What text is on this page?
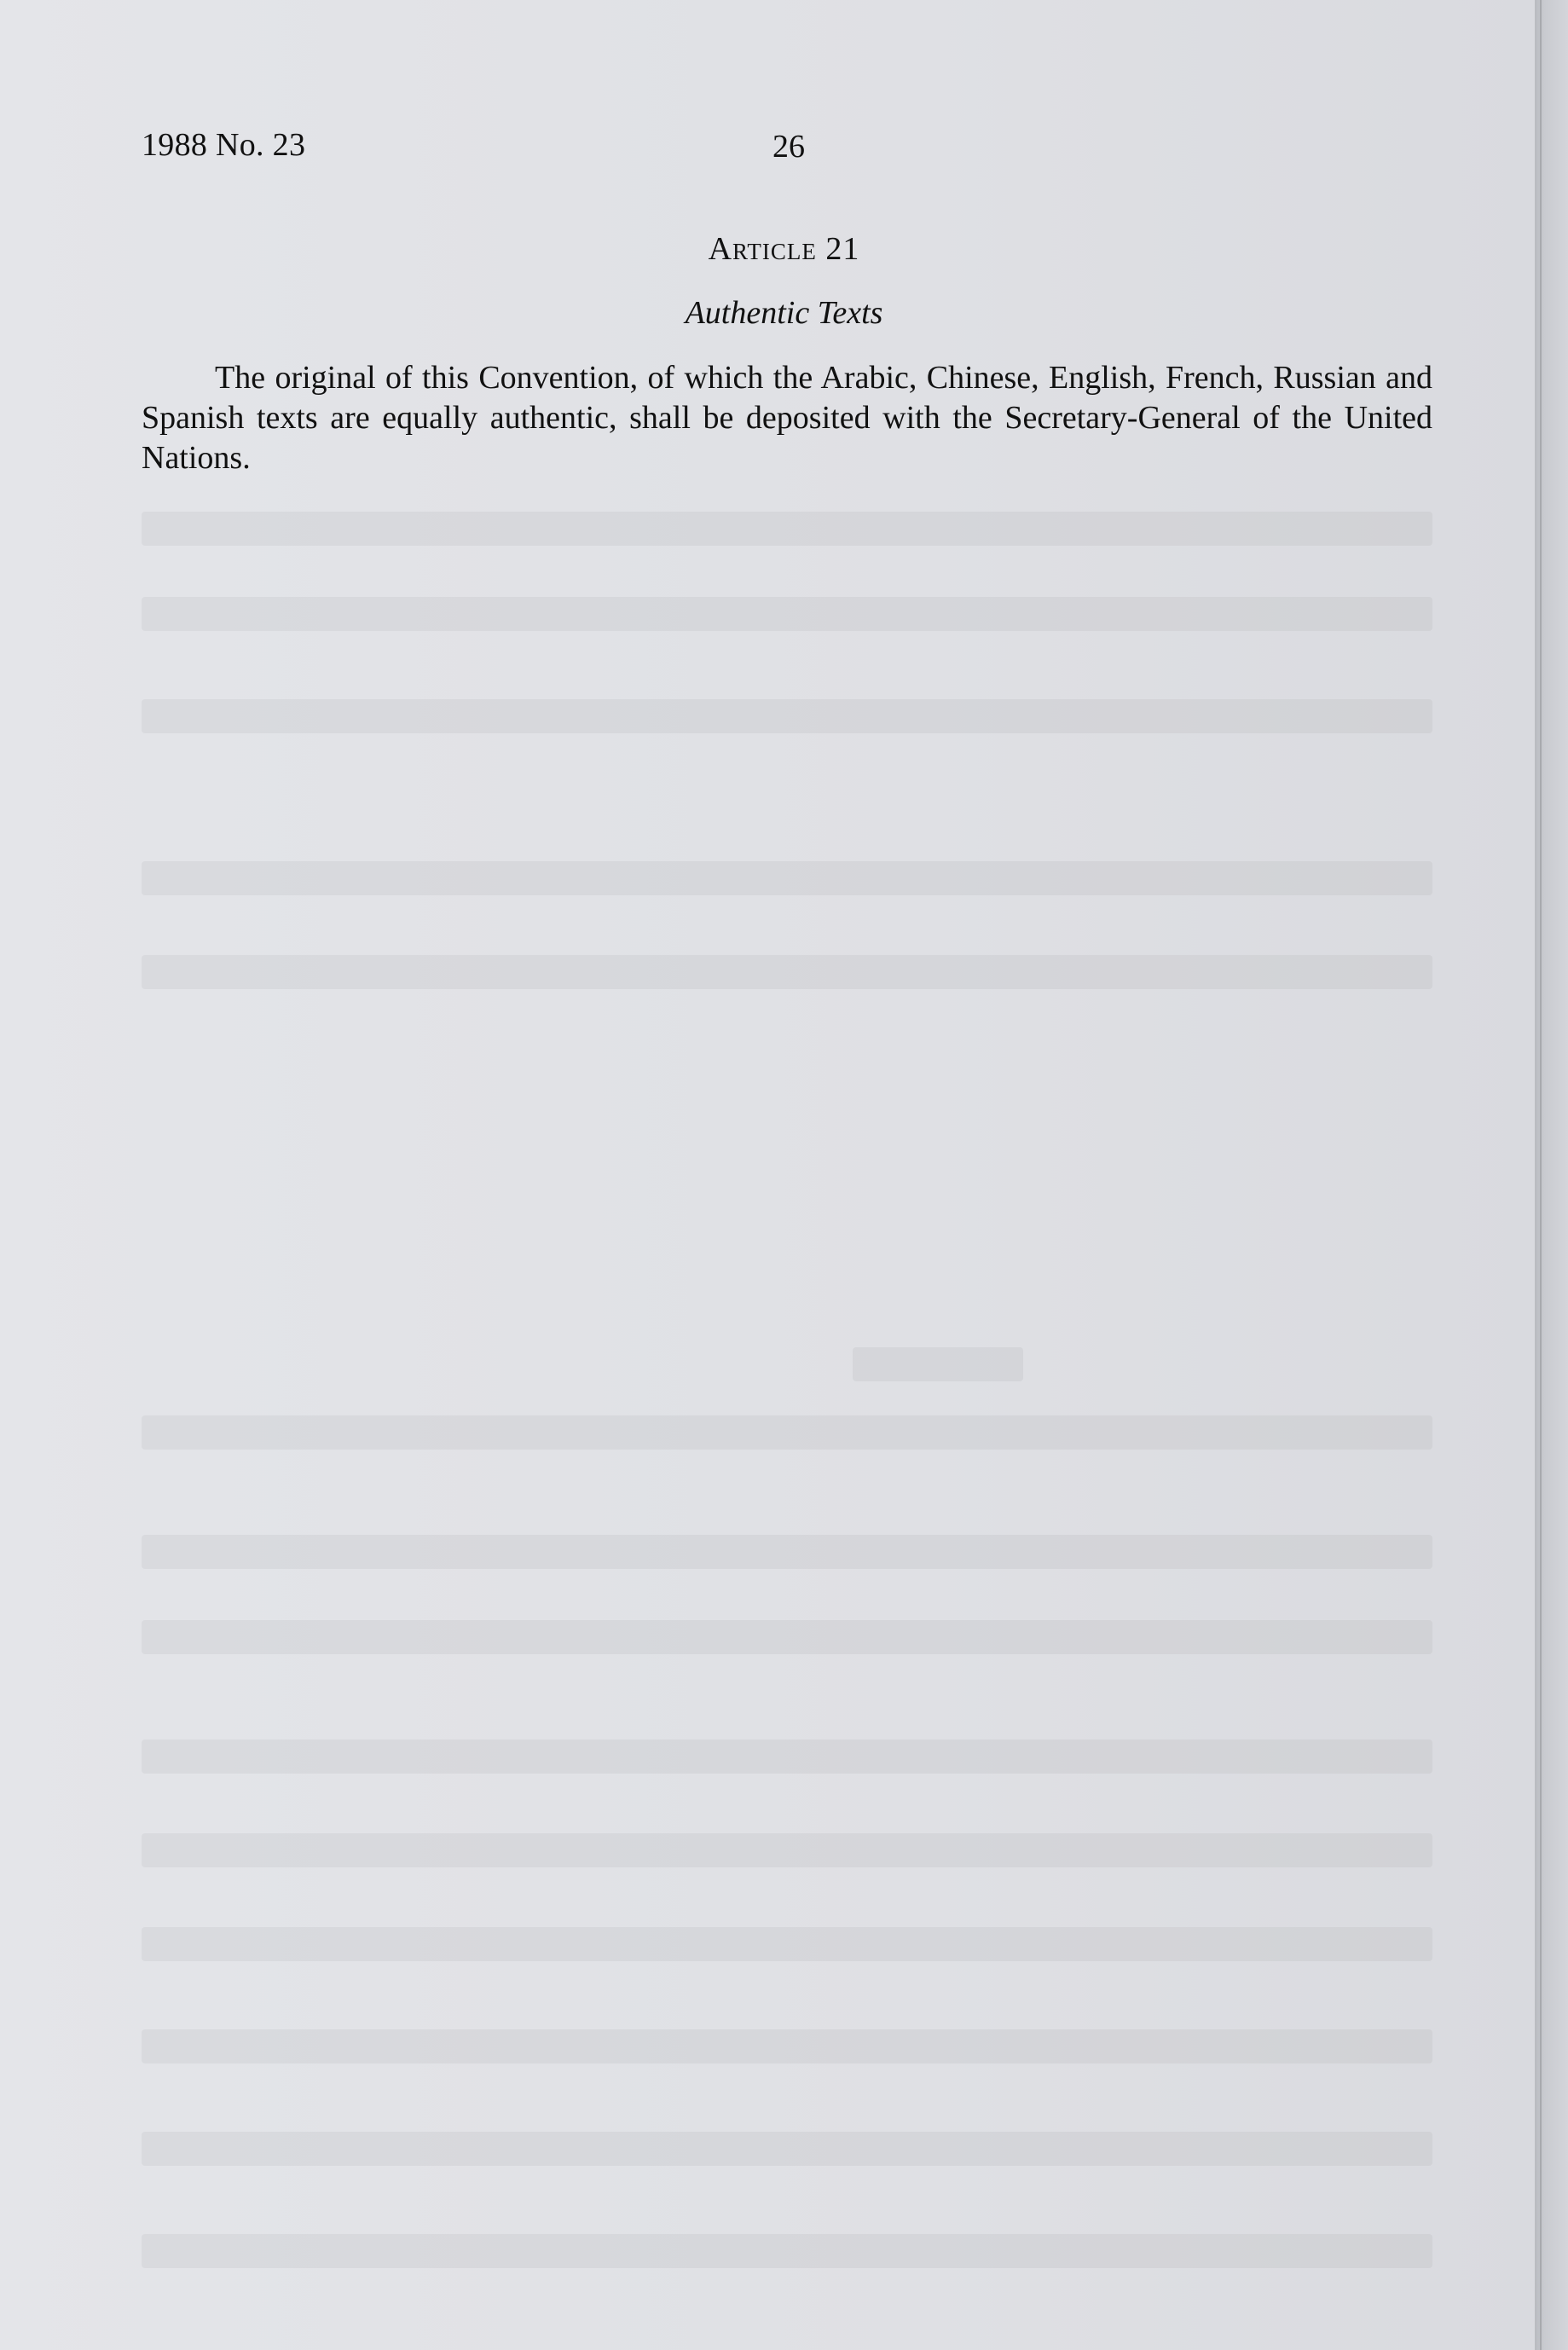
1988 No. 23	26
Article 21
Authentic Texts

The original of this Convention, of which the Arabic, Chinese, English, French, Russian and Spanish texts are equally authentic, shall be deposited with the Secretary-General of the United Nations.
